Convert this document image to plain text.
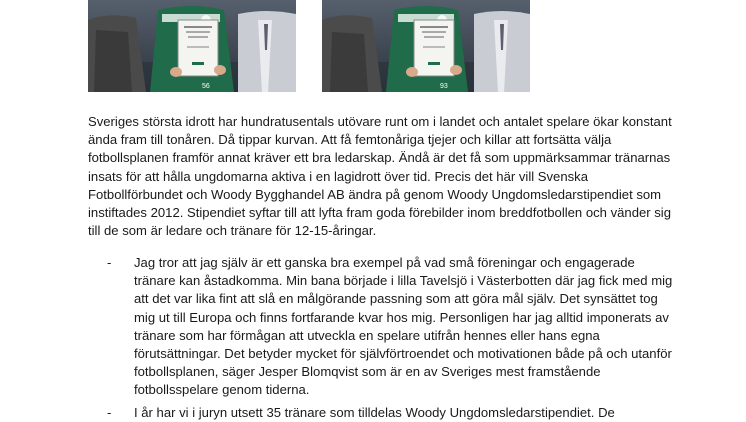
56	93

Sveriges största idrott har hundratusentals utövare runt om i landet och antalet spelare ökar konstant ända fram till tonåren. Då tippar kurvan. Att få femtonåriga tjejer och killar att fortsätta välja fotbollsplanen framför annat kräver ett bra ledarskap. Ändå är det få som uppmärksammar tränarnas insats för att hålla ungdomarna aktiva i en lagidrott över tid. Precis det här vill Svenska Fotbollförbundet och Woody Bygghandel AB ändra på genom Woody Ungdomsledarstipendiet som instiftades 2012. Stipendiet syftar till att lyfta fram goda förebilder inom breddfotbollen och vänder sig till de som är ledare och tränare för 12-15-åringar.

- Jag tror att jag själv är ett ganska bra exempel på vad små föreningar och engagerade tränare kan åstadkomma. Min bana började i lilla Tavelsjö i Västerbotten där jag fick med mig att det var lika fint att slå en målgörande passning som att göra mål själv. Det synsättet tog mig ut till Europa och finns fortfarande kvar hos mig. Personligen har jag alltid imponerats av tränare som har förmågan att utveckla en spelare utifrån hennes eller hans egna förutsättningar. Det betyder mycket för självförtroendet och motivationen både på och utanför fotbollsplanen, säger Jesper Blomqvist som är en av Sveriges mest framstående fotbollsspelare genom tiderna.
- I år har vi i juryn utsett 35 tränare som tilldelas Woody Ungdomsledarstipendiet. De
